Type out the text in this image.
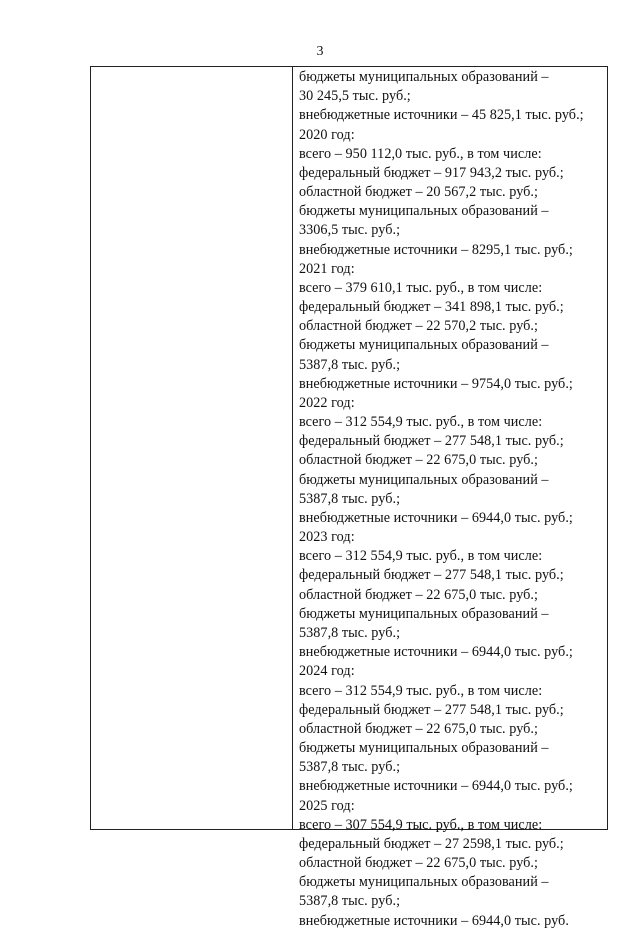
3
бюджеты муниципальных образований –
30 245,5 тыс. руб.;
внебюджетные источники – 45 825,1 тыс. руб.;
2020 год:
всего – 950 112,0 тыс. руб., в том числе:
федеральный бюджет – 917 943,2 тыс. руб.;
областной бюджет – 20 567,2 тыс. руб.;
бюджеты муниципальных образований –
3306,5 тыс. руб.;
внебюджетные источники – 8295,1 тыс. руб.;
2021 год:
всего – 379 610,1 тыс. руб., в том числе:
федеральный бюджет – 341 898,1 тыс. руб.;
областной бюджет – 22 570,2 тыс. руб.;
бюджеты муниципальных образований –
5387,8 тыс. руб.;
внебюджетные источники – 9754,0 тыс. руб.;
2022 год:
всего – 312 554,9 тыс. руб., в том числе:
федеральный бюджет – 277 548,1 тыс. руб.;
областной бюджет – 22 675,0 тыс. руб.;
бюджеты муниципальных образований –
5387,8 тыс. руб.;
внебюджетные источники – 6944,0 тыс. руб.;
2023 год:
всего – 312 554,9 тыс. руб., в том числе:
федеральный бюджет – 277 548,1 тыс. руб.;
областной бюджет – 22 675,0 тыс. руб.;
бюджеты муниципальных образований –
5387,8 тыс. руб.;
внебюджетные источники – 6944,0 тыс. руб.;
2024 год:
всего – 312 554,9 тыс. руб., в том числе:
федеральный бюджет – 277 548,1 тыс. руб.;
областной бюджет – 22 675,0 тыс. руб.;
бюджеты муниципальных образований –
5387,8 тыс. руб.;
внебюджетные источники – 6944,0 тыс. руб.;
2025 год:
всего – 307 554,9 тыс. руб., в том числе:
федеральный бюджет – 27 2598,1 тыс. руб.;
областной бюджет – 22 675,0 тыс. руб.;
бюджеты муниципальных образований –
5387,8 тыс. руб.;
внебюджетные источники – 6944,0 тыс. руб.
